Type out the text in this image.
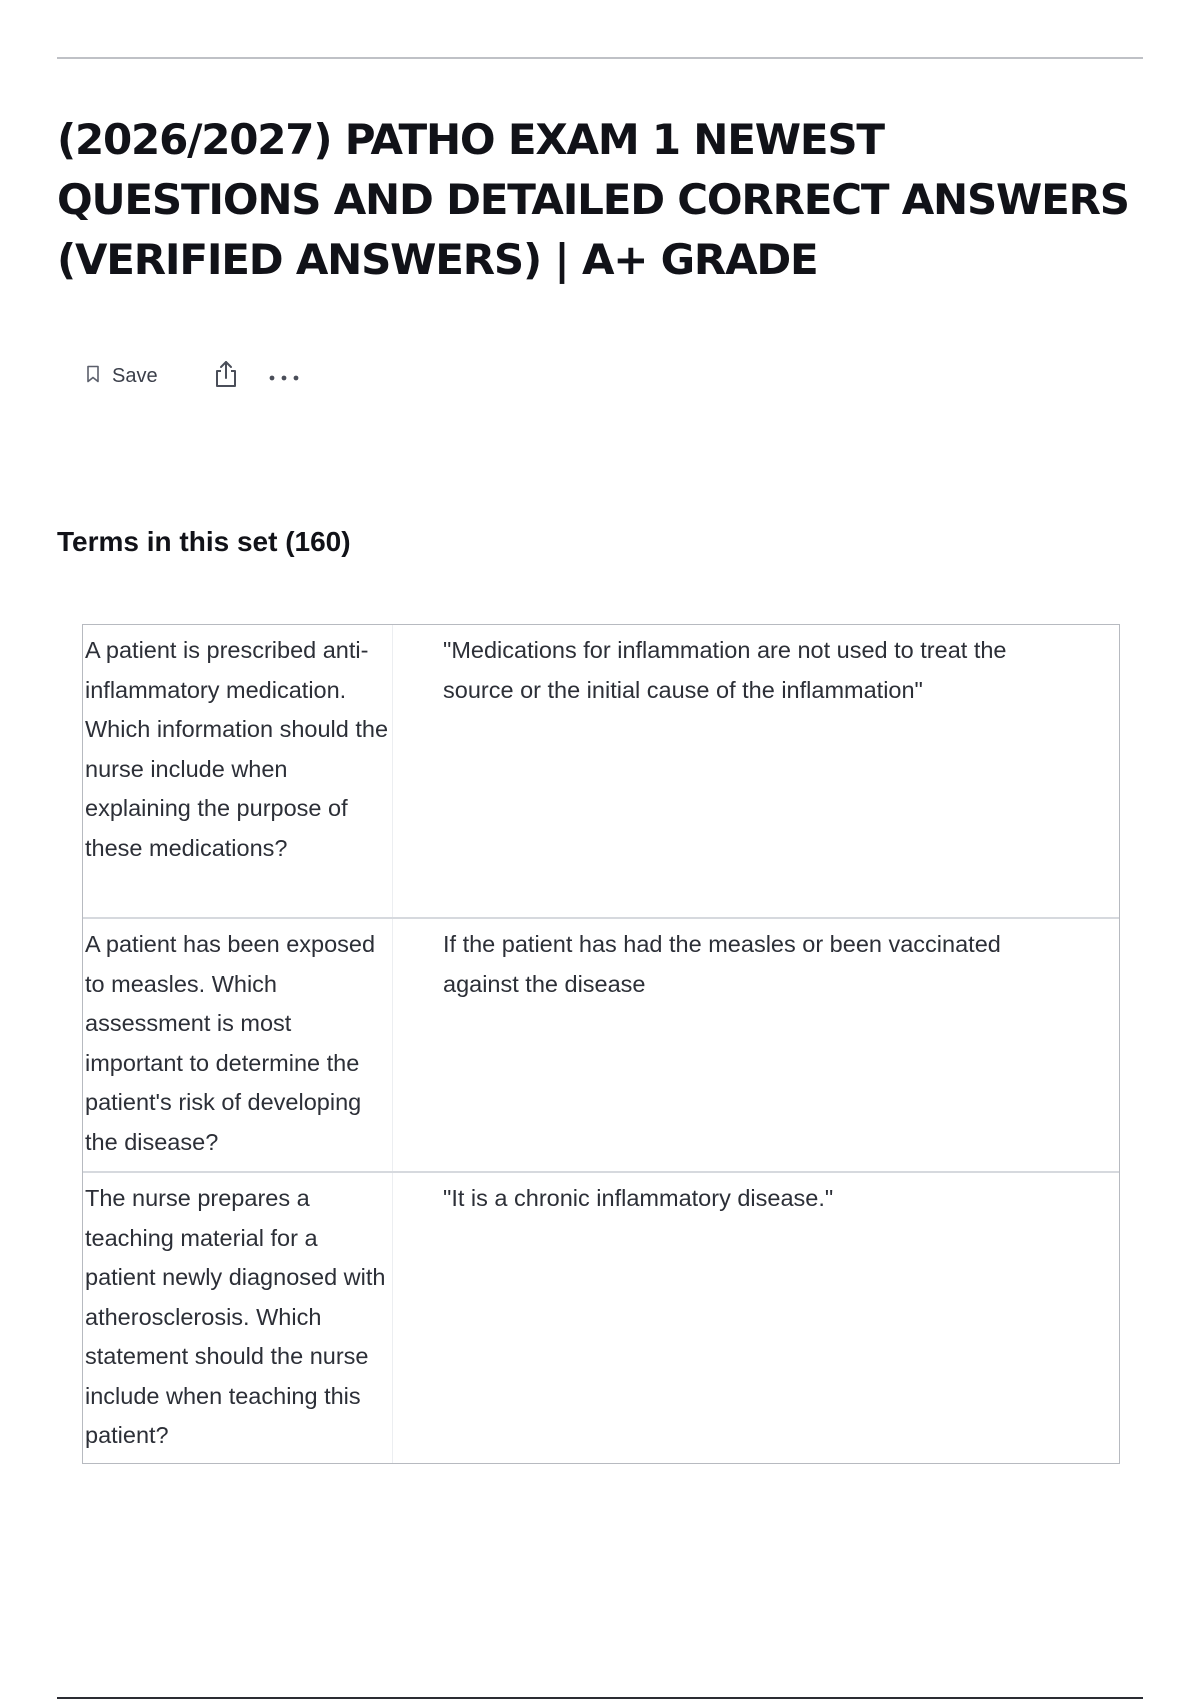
(2026/2027) PATHO EXAM 1 NEWEST QUESTIONS AND DETAILED CORRECT ANSWERS (VERIFIED ANSWERS) | A+ GRADE
Save
Terms in this set (160)
A patient is prescribed anti-inflammatory medication. Which information should the nurse include when explaining the purpose of these medications?
"Medications for inflammation are not used to treat the source or the initial cause of the inflammation"
A patient has been exposed to measles. Which assessment is most important to determine the patient's risk of developing the disease?
If the patient has had the measles or been vaccinated against the disease
The nurse prepares a teaching material for a patient newly diagnosed with atherosclerosis. Which statement should the nurse include when teaching this patient?
"It is a chronic inflammatory disease."
